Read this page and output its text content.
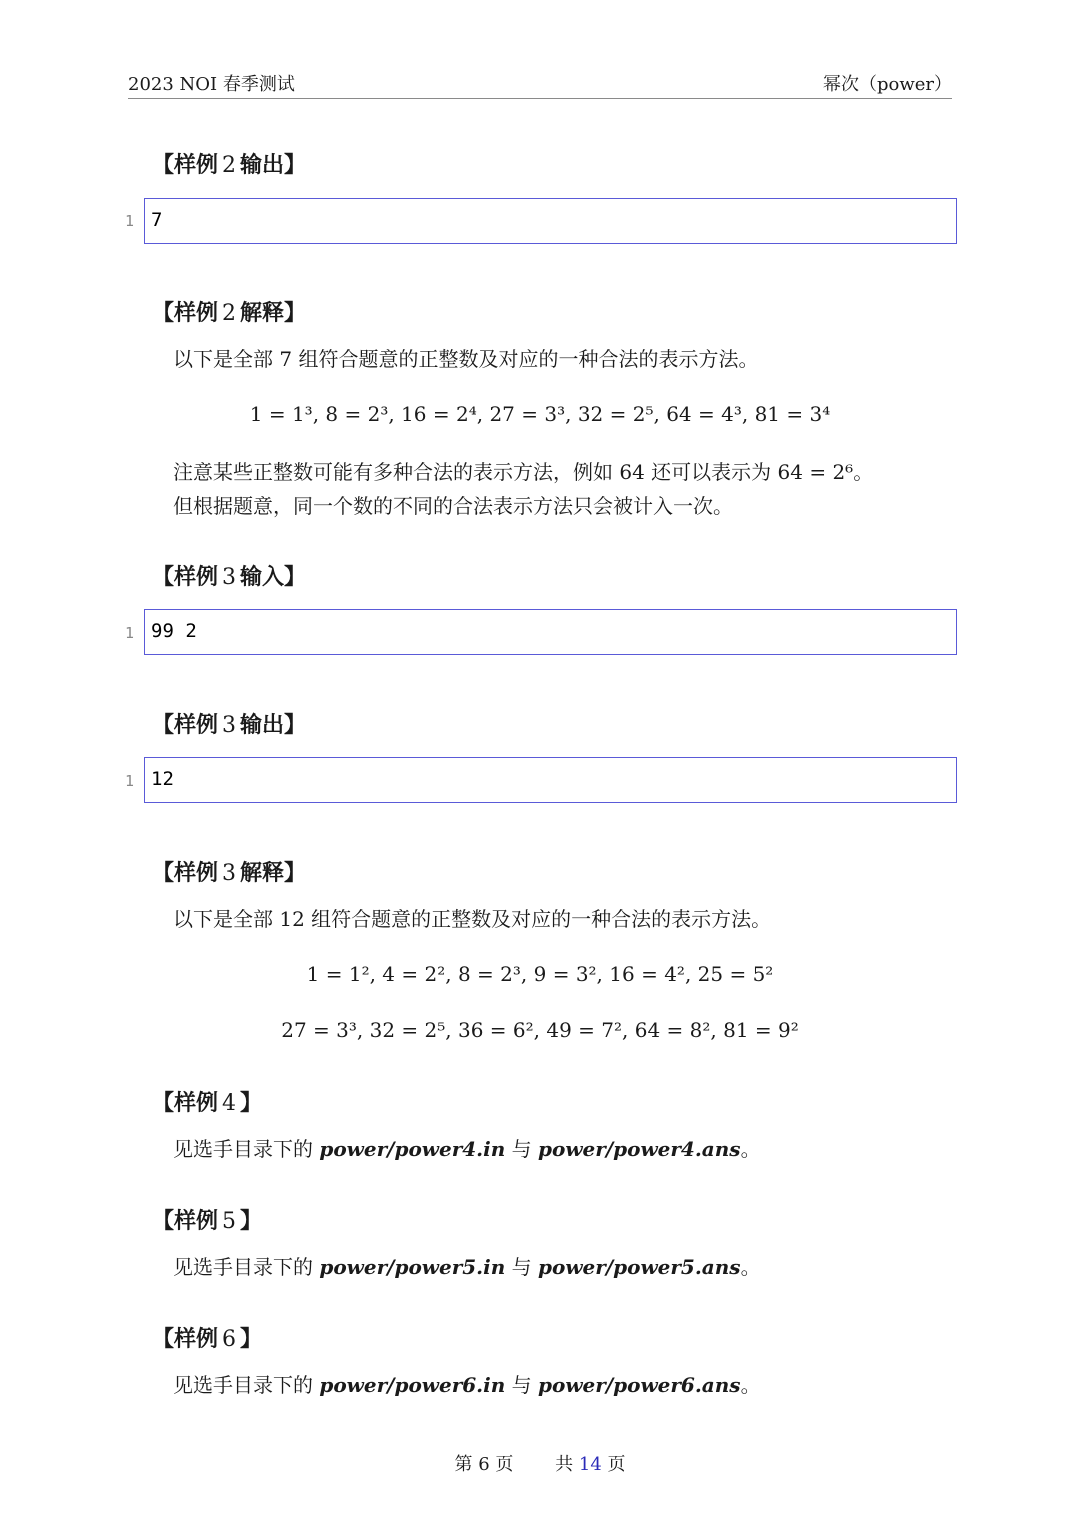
2023 NOI 春季测试	幂次（power）
【样例 2 输出】
1 7
【样例 2 解释】
以下是全部 7 组符合题意的正整数及对应的一种合法的表示方法。
1 = 1³, 8 = 2³, 16 = 2⁴, 27 = 3³, 32 = 2⁵, 64 = 4³, 81 = 3⁴
注意某些正整数可能有多种合法的表示方法，例如 64 还可以表示为 64 = 2⁶。
但根据题意，同一个数的不同的合法表示方法只会被计入一次。
【样例 3 输入】
1 99 2
【样例 3 输出】
1 12
【样例 3 解释】
以下是全部 12 组符合题意的正整数及对应的一种合法的表示方法。
1 = 1², 4 = 2², 8 = 2³, 9 = 3², 16 = 4², 25 = 5²
27 = 3³, 32 = 2⁵, 36 = 6², 49 = 7², 64 = 8², 81 = 9²
【样例 4 】
见选手目录下的 power/power4.in 与 power/power4.ans。
【样例 5 】
见选手目录下的 power/power5.in 与 power/power5.ans。
【样例 6 】
见选手目录下的 power/power6.in 与 power/power6.ans。
第 6 页 共 14 页
